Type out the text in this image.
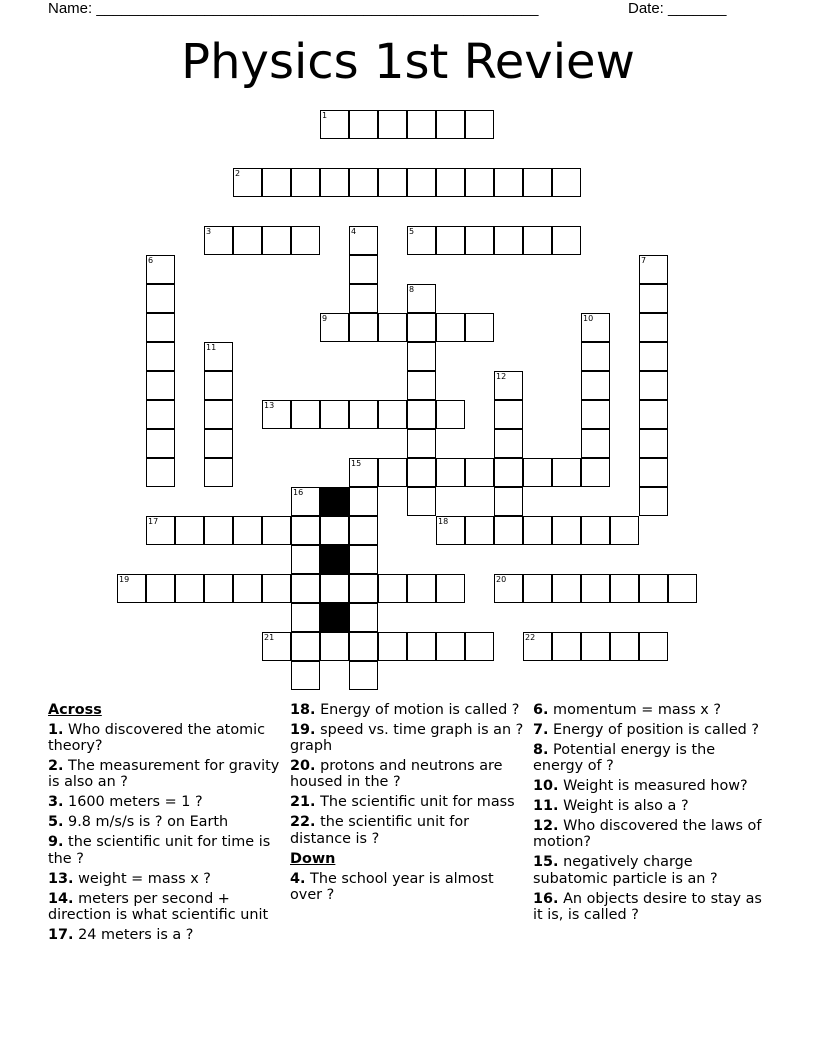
Name: _____________________________________________________	Date: _______
Physics 1st Review
1
2
3	5
9
13
15
17	18
19	20
21	22
4
6	7
8
10
11
12
16

Across

1. Who discovered the atomic theory?

2. The measurement for gravity is also an ?

3. 1600 meters = 1 ?

5. 9.8 m/s/s is ? on Earth

9. the scientific unit for time is the ?

13. weight = mass x ?

14. meters per second + direction is what scientific unit

17. 24 meters is a ?

18. Energy of motion is called ?

19. speed vs. time graph is an ? graph

20. protons and neutrons are housed in the ?

21. The scientific unit for mass

22. the scientific unit for distance is ?

Down

4. The school year is almost over ?

6. momentum = mass x ?

7. Energy of position is called ?

8. Potential energy is the energy of ?

10. Weight is measured how?

11. Weight is also a ?

12. Who discovered the laws of motion?

15. negatively charge subatomic particle is an ?

16. An objects desire to stay as it is, is called ?
